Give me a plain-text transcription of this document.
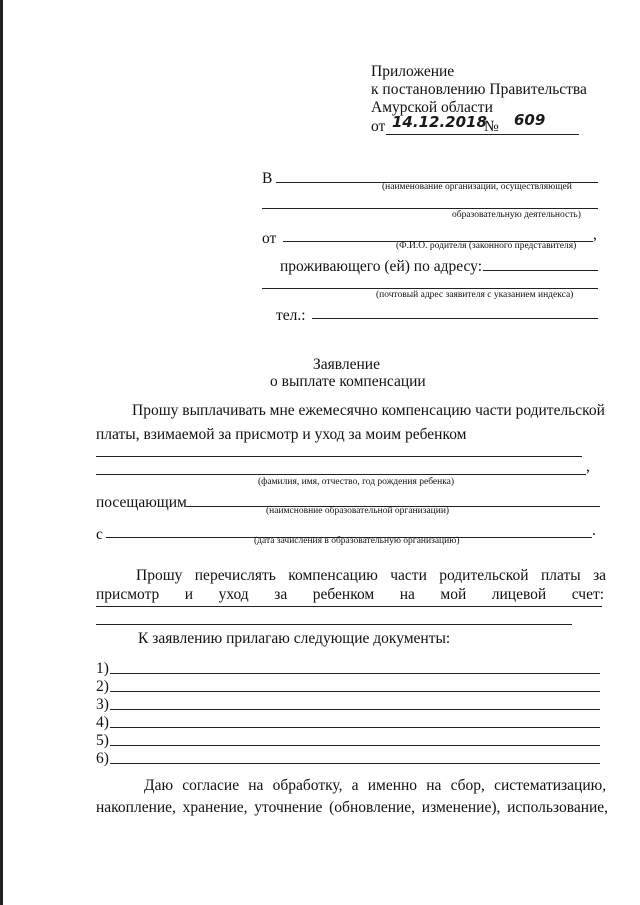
Приложение
к постановлению Правительства
Амурской области
от 14.12.2018
№ 609
В	(наименование организации, осуществляющей
образовательную деятельность)
от	,
(Ф.И.О. родителя (законного представителя)
проживающего (ей) по адресу:
(почтовый адрес заявителя с указанием индекса)
тел.:
Заявление
о выплате компенсации
Прошу выплачивать мне ежемесячно компенсацию части родительской
платы, взимаемой за присмотр и уход за моим ребенком
,
(фамилия, имя, отчество, год рождения ребенка)
посещающим	(наимсновние образовательной организации)
с	.
(дата зачисления в образовательную организацию)
Прошу перечислять компенсацию части родительской платы за
присмотр и уход за ребенком на мой лицевой счет:
К заявлению прилагаю следующие документы:
1)
2)
3)
4)
5)
6)
Даю согласие на обработку, а именно на сбор, систематизацию,
накопление, хранение, уточнение (обновление, изменение), использование,
